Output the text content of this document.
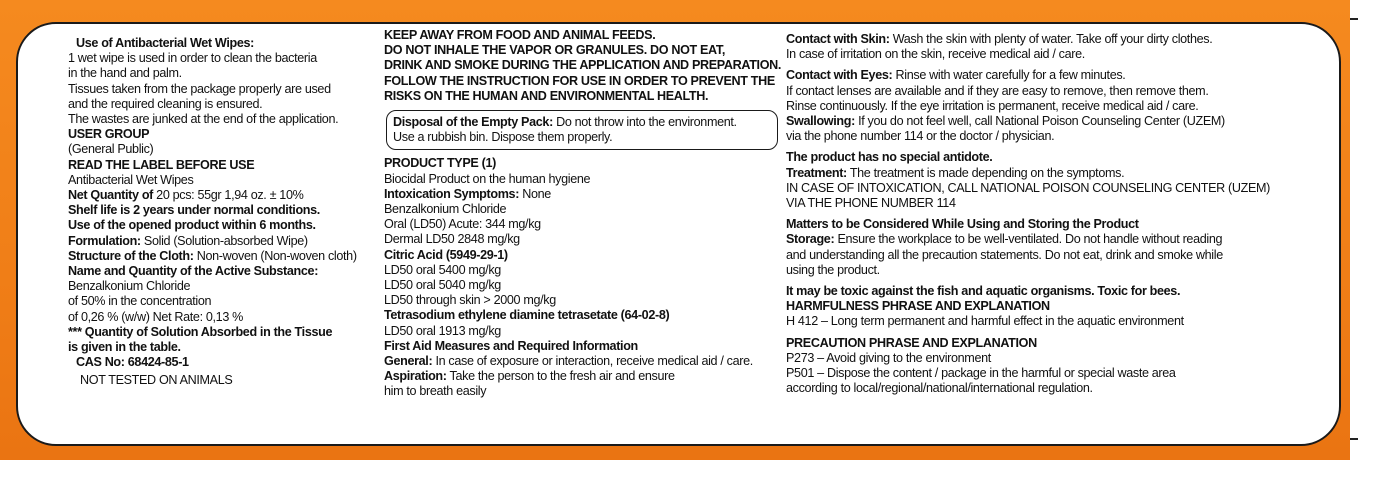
Use of Antibacterial Wet Wipes:

1 wet wipe is used in order to clean the bacteria

in the hand and palm.

Tissues taken from the package properly are used

and the required cleaning is ensured.

The wastes are junked at the end of the application.

USER GROUP

(General Public)

READ THE LABEL BEFORE USE

Antibacterial Wet Wipes

Net Quantity of 20 pcs: 55gr 1,94 oz. ± 10%

Shelf life is 2 years under normal conditions.

Use of the opened product within 6 months.

Formulation: Solid (Solution-absorbed Wipe)

Structure of the Cloth: Non-woven (Non-woven cloth)

Name and Quantity of the Active Substance:

Benzalkonium Chloride

of 50% in the concentration

of 0,26 % (w/w) Net Rate: 0,13 %

*** Quantity of Solution Absorbed in the Tissue

is given in the table.

CAS No: 68424-85-1

NOT TESTED ON ANIMALS

KEEP AWAY FROM FOOD AND ANIMAL FEEDS.

DO NOT INHALE THE VAPOR OR GRANULES. DO NOT EAT,

DRINK AND SMOKE DURING THE APPLICATION AND PREPARATION.

FOLLOW THE INSTRUCTION FOR USE IN ORDER TO PREVENT THE

RISKS ON THE HUMAN AND ENVIRONMENTAL HEALTH.

Disposal of the Empty Pack: Do not throw into the environment.

Use a rubbish bin. Dispose them properly.

PRODUCT TYPE (1)

Biocidal Product on the human hygiene

Intoxication Symptoms: None

Benzalkonium Chloride

Oral (LD50) Acute: 344 mg/kg

Dermal LD50 2848 mg/kg

Citric Acid (5949-29-1)

LD50 oral 5400 mg/kg

LD50 oral 5040 mg/kg

LD50 through skin > 2000 mg/kg

Tetrasodium ethylene diamine tetrasetate (64-02-8)

LD50 oral 1913 mg/kg

First Aid Measures and Required Information

General: In case of exposure or interaction, receive medical aid / care.

Aspiration: Take the person to the fresh air and ensure

him to breath easily

Contact with Skin: Wash the skin with plenty of water. Take off your dirty clothes.

In case of irritation on the skin, receive medical aid / care.

Contact with Eyes: Rinse with water carefully for a few minutes.

If contact lenses are available and if they are easy to remove, then remove them.

Rinse continuously. If the eye irritation is permanent, receive medical aid / care.

Swallowing: If you do not feel well, call National Poison Counseling Center (UZEM)

via the phone number 114 or the doctor / physician.

The product has no special antidote.

Treatment: The treatment is made depending on the symptoms.

IN CASE OF INTOXICATION, CALL NATIONAL POISON COUNSELING CENTER (UZEM)

VIA THE PHONE NUMBER 114

Matters to be Considered While Using and Storing the Product

Storage: Ensure the workplace to be well-ventilated. Do not handle without reading

and understanding all the precaution statements. Do not eat, drink and smoke while

using the product.

It may be toxic against the fish and aquatic organisms. Toxic for bees.

HARMFULNESS PHRASE AND EXPLANATION

H 412 – Long term permanent and harmful effect in the aquatic environment

PRECAUTION PHRASE AND EXPLANATION

P273 – Avoid giving to the environment

P501 – Dispose the content / package in the harmful or special waste area

according to local/regional/national/international regulation.
